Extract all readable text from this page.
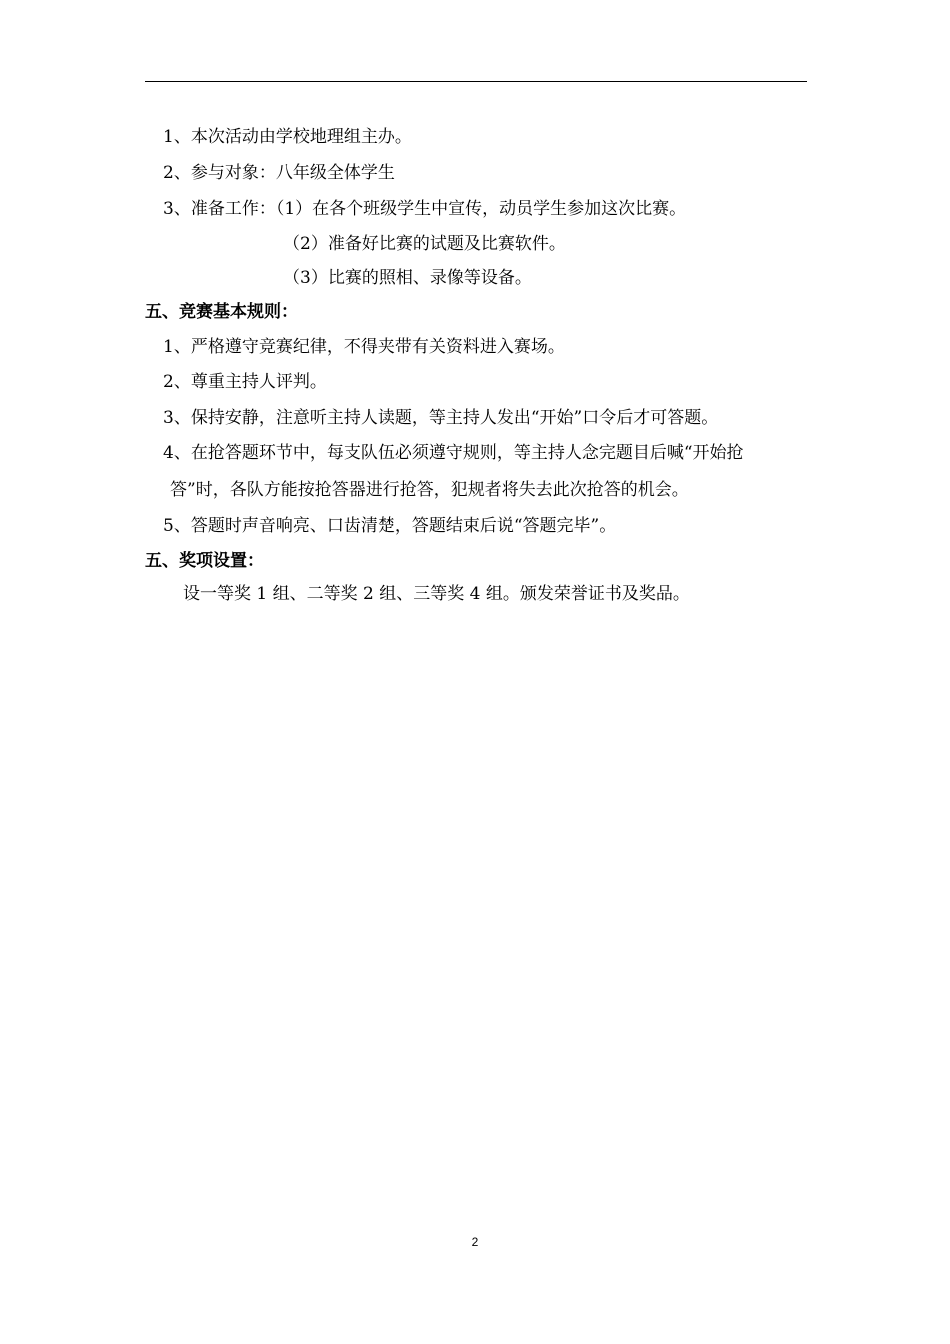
1、本次活动由学校地理组主办。
2、参与对象：八年级全体学生
3、准备工作：（1）在各个班级学生中宣传，动员学生参加这次比赛。
（2）准备好比赛的试题及比赛软件。
（3）比赛的照相、录像等设备。
五、竞赛基本规则：
1、严格遵守竞赛纪律，不得夹带有关资料进入赛场。
2、尊重主持人评判。
3、保持安静，注意听主持人读题，等主持人发出“开始”口令后才可答题。
4、在抢答题环节中，每支队伍必须遵守规则，等主持人念完题目后喊“开始抢
答”时，各队方能按抢答器进行抢答，犯规者将失去此次抢答的机会。
5、答题时声音响亮、口齿清楚，答题结束后说“答题完毕”。
五、奖项设置：
设一等奖 1 组、二等奖 2 组、三等奖 4 组。颁发荣誉证书及奖品。
2
